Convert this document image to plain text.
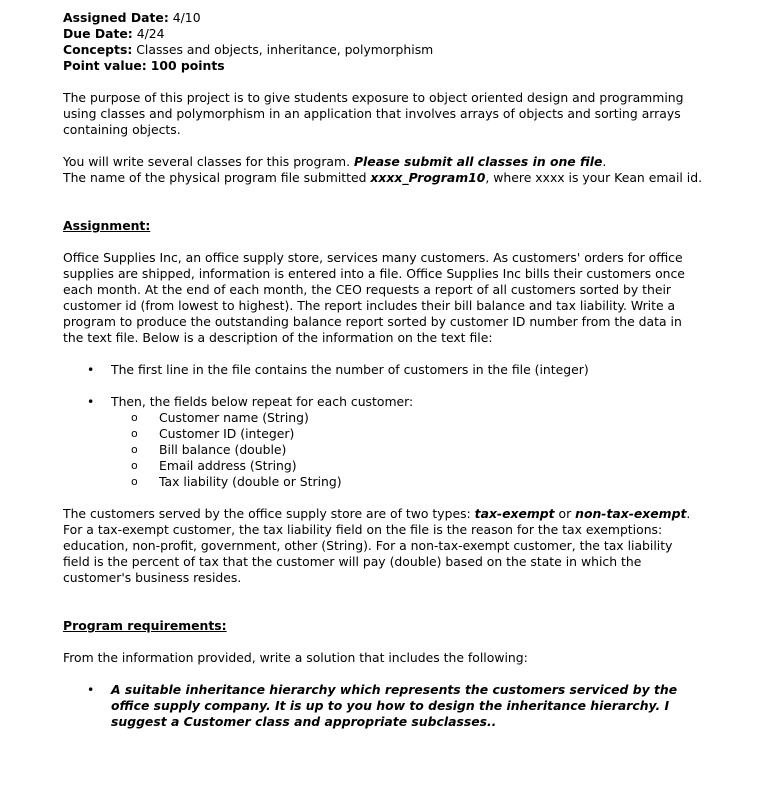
Assigned Date: 4/10

Due Date: 4/24

Concepts: Classes and objects, inheritance, polymorphism

Point value: 100 points

The purpose of this project is to give students exposure to object oriented design and programming using classes and polymorphism in an application that involves arrays of objects and sorting arrays containing objects.

You will write several classes for this program. Please submit all classes in one file.
The name of the physical program file submitted xxxx_Program10, where xxxx is your Kean email id.

Assignment:

Office Supplies Inc, an office supply store, services many customers. As customers' orders for office supplies are shipped, information is entered into a file. Office Supplies Inc bills their customers once each month. At the end of each month, the CEO requests a report of all customers sorted by their customer id (from lowest to highest). The report includes their bill balance and tax liability. Write a program to produce the outstanding balance report sorted by customer ID number from the data in the text file. Below is a description of the information on the text file:

• The first line in the file contains the number of customers in the file (integer)
• Then, the fields below repeat for each customer:
o Customer name (String)
o Customer ID (integer)
o Bill balance (double)
o Email address (String)
o Tax liability (double or String)

The customers served by the office supply store are of two types: tax-exempt or non-tax-exempt. For a tax-exempt customer, the tax liability field on the file is the reason for the tax exemptions: education, non-profit, government, other (String). For a non-tax-exempt customer, the tax liability field is the percent of tax that the customer will pay (double) based on the state in which the customer's business resides.

Program requirements:

From the information provided, write a solution that includes the following:

• A suitable inheritance hierarchy which represents the customers serviced by the office supply company. It is up to you how to design the inheritance hierarchy. I suggest a Customer class and appropriate subclasses..
